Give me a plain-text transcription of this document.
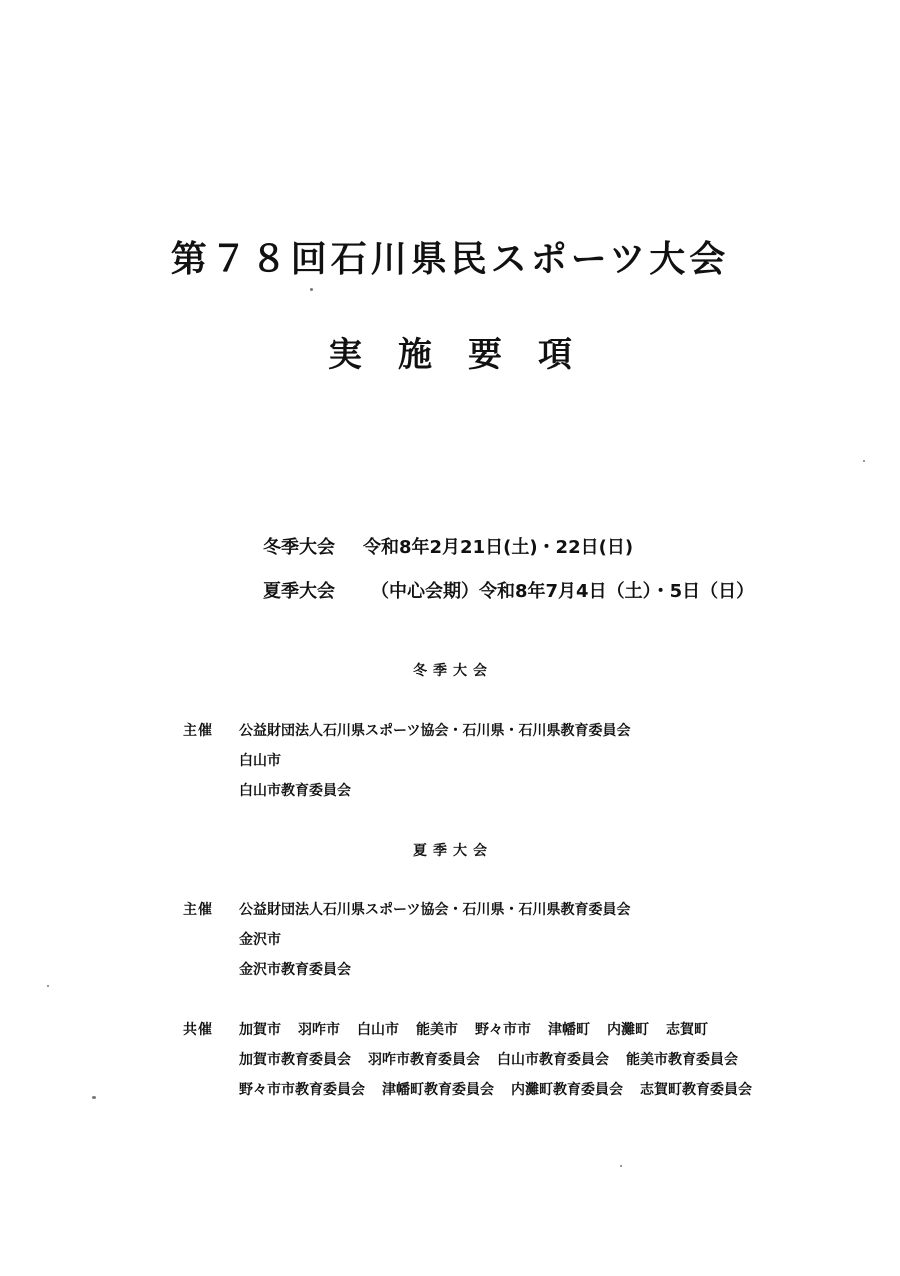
第７８回石川県民スポーツ大会
実施要項
冬季大会	令和8年2月21日(土)・22日(日)
夏季大会	（中心会期）令和8年7月4日（土）・5日（日）
冬季大会
主催	公益財団法人石川県スポーツ協会・石川県・石川県教育委員会
白山市
白山市教育委員会
夏季大会
主催	公益財団法人石川県スポーツ協会・石川県・石川県教育委員会
金沢市
金沢市教育委員会
共催	加賀市 羽咋市 白山市 能美市 野々市市 津幡町 内灘町 志賀町
加賀市教育委員会 羽咋市教育委員会 白山市教育委員会 能美市教育委員会
野々市市教育委員会 津幡町教育委員会 内灘町教育委員会 志賀町教育委員会
